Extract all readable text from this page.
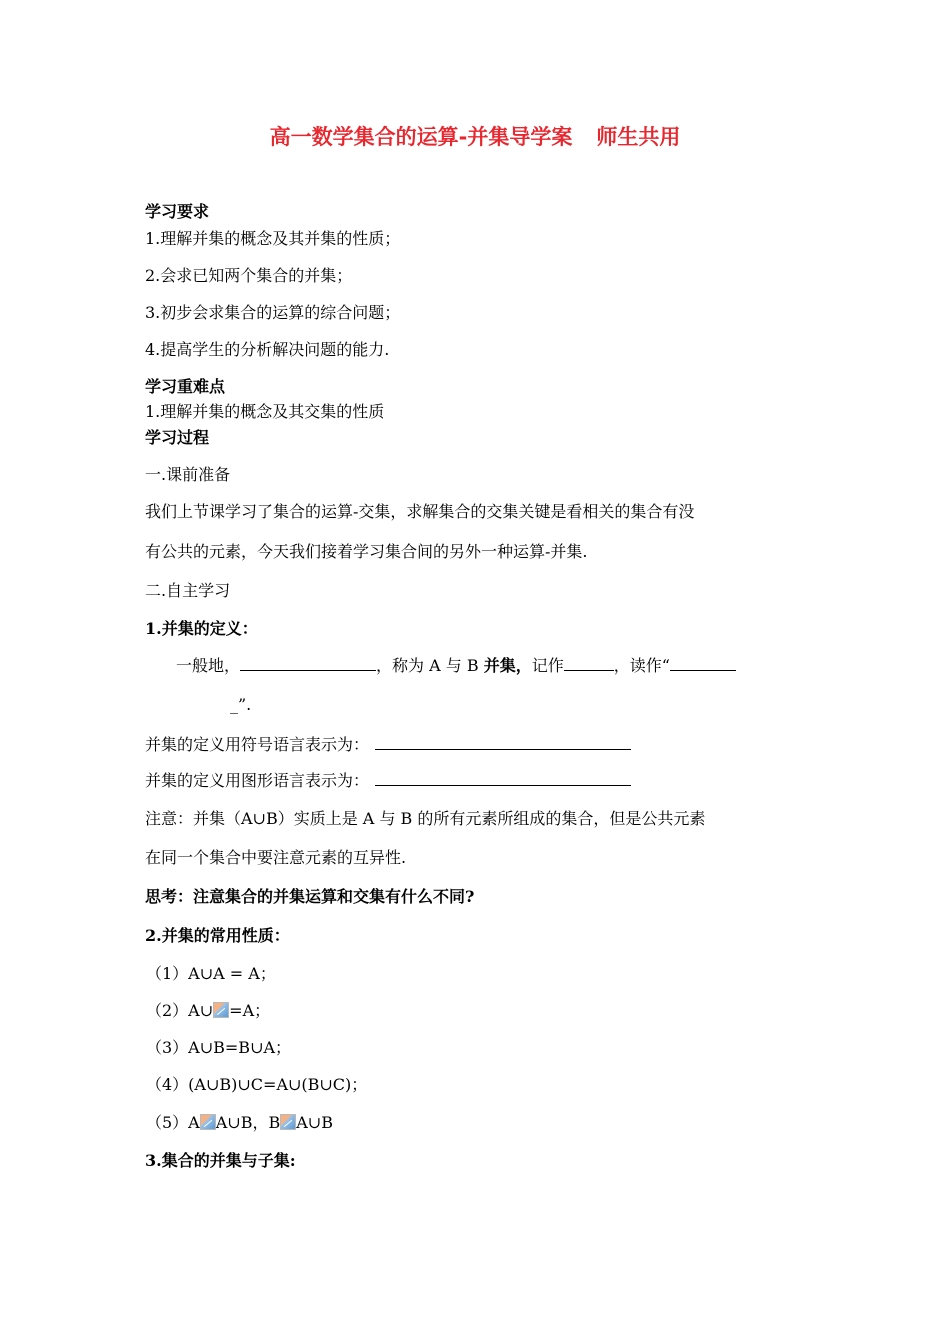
高一数学集合的运算-并集导学案 师生共用
学习要求
1.理解并集的概念及其并集的性质；
2.会求已知两个集合的并集；
3.初步会求集合的运算的综合问题；
4.提高学生的分析解决问题的能力.
学习重难点
1.理解并集的概念及其交集的性质
学习过程
一.课前准备
我们上节课学习了集合的运算-交集，求解集合的交集关键是看相关的集合有没
有公共的元素，今天我们接着学习集合间的另外一种运算-并集.
二.自主学习
1.并集的定义：
一般地，	，称为 A 与 B 并集，记作	，读作“
_”.
并集的定义用符号语言表示为：
并集的定义用图形语言表示为：
注意：并集（A∪B）实质上是 A 与 B 的所有元素所组成的集合，但是公共元素
在同一个集合中要注意元素的互异性.
思考：注意集合的并集运算和交集有什么不同?
2.并集的常用性质：
（1）A∪A = A；
（2）A∪ =A；
（3）A∪B=B∪A；
（4）(A∪B)∪C=A∪(B∪C)；
（5）A A∪B，B A∪B
3.集合的并集与子集:
